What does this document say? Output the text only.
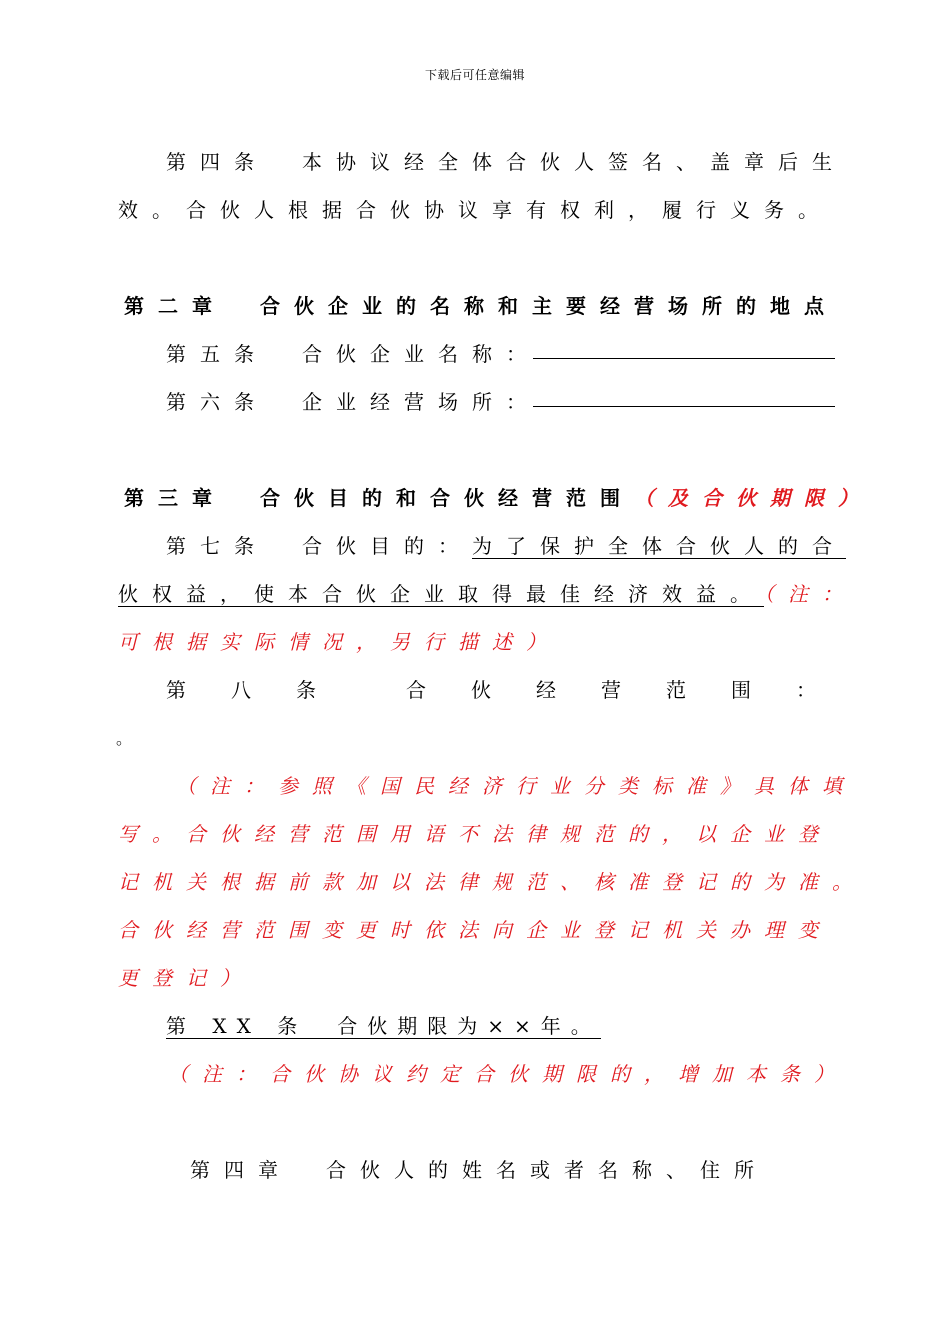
下载后可任意编辑
第四条　本协议经全体合伙人签名、盖章后生
效。合伙人根据合伙协议享有权利，履行义务。
第二章　合伙企业的名称和主要经营场所的地点
第五条　合伙企业名称：
第六条　企业经营场所：
第三章　合伙目的和合伙经营范围（及合伙期限）
第七条　合伙目的：为了保护全体合伙人的合
伙权益，使本合伙企业取得最佳经济效益。（注：
可根据实际情况，另行描述）
第 八 条	合 伙 经 营 范 围 ：
。
（注：参照《国民经济行业分类标准》具体填
写。合伙经营范围用语不法律规范的，以企业登
记机关根据前款加以法律规范、核准登记的为准。
合伙经营范围变更时依法向企业登记机关办理变
更登记）
第 XX 条　合伙期限为××年。
（注：合伙协议约定合伙期限的，增加本条）
第四章　合伙人的姓名或者名称、住所
